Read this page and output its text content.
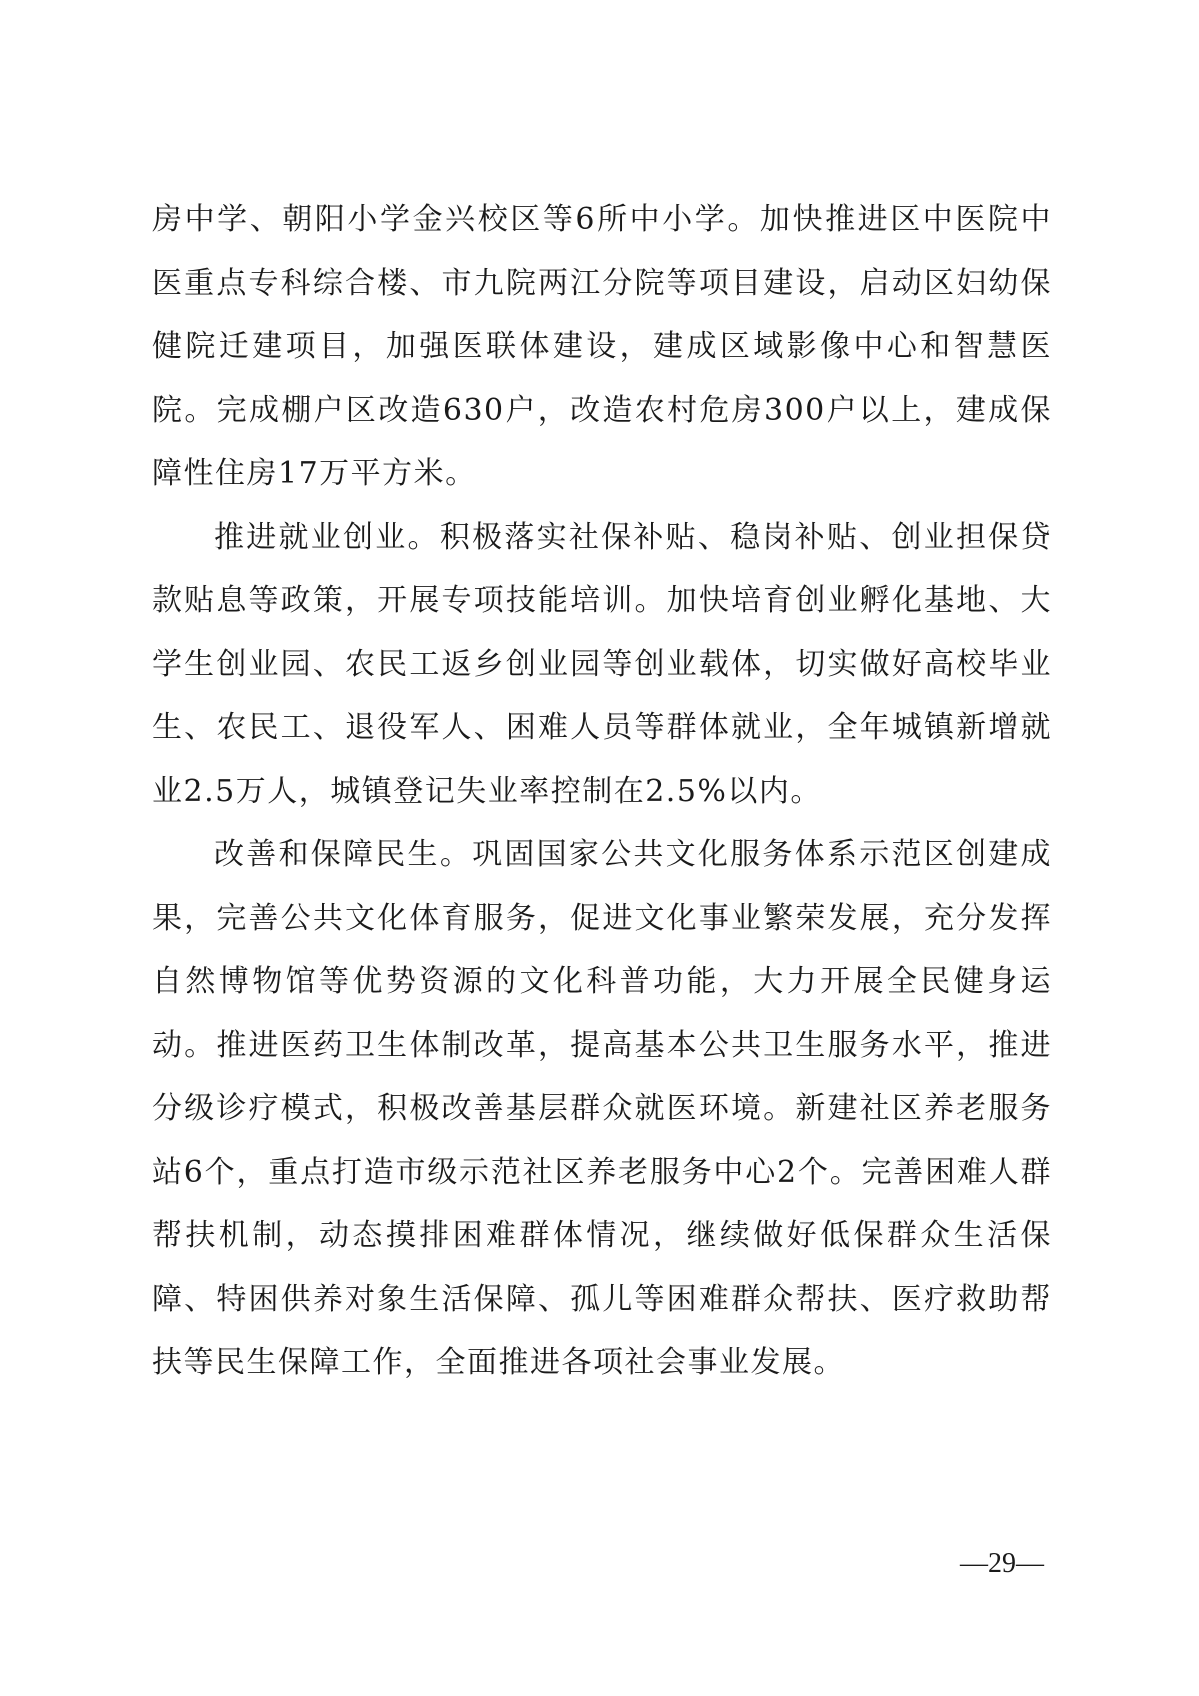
房中学、朝阳小学金兴校区等6所中小学。加快推进区中医院中医重点专科综合楼、市九院两江分院等项目建设，启动区妇幼保健院迁建项目，加强医联体建设，建成区域影像中心和智慧医院。完成棚户区改造630户，改造农村危房300户以上，建成保障性住房17万平方米。

推进就业创业。积极落实社保补贴、稳岗补贴、创业担保贷款贴息等政策，开展专项技能培训。加快培育创业孵化基地、大学生创业园、农民工返乡创业园等创业载体，切实做好高校毕业生、农民工、退役军人、困难人员等群体就业，全年城镇新增就业2.5万人，城镇登记失业率控制在2.5%以内。

改善和保障民生。巩固国家公共文化服务体系示范区创建成果，完善公共文化体育服务，促进文化事业繁荣发展，充分发挥自然博物馆等优势资源的文化科普功能，大力开展全民健身运动。推进医药卫生体制改革，提高基本公共卫生服务水平，推进分级诊疗模式，积极改善基层群众就医环境。新建社区养老服务站6个，重点打造市级示范社区养老服务中心2个。完善困难人群帮扶机制，动态摸排困难群体情况，继续做好低保群众生活保障、特困供养对象生活保障、孤儿等困难群众帮扶、医疗救助帮扶等民生保障工作，全面推进各项社会事业发展。

—29—
